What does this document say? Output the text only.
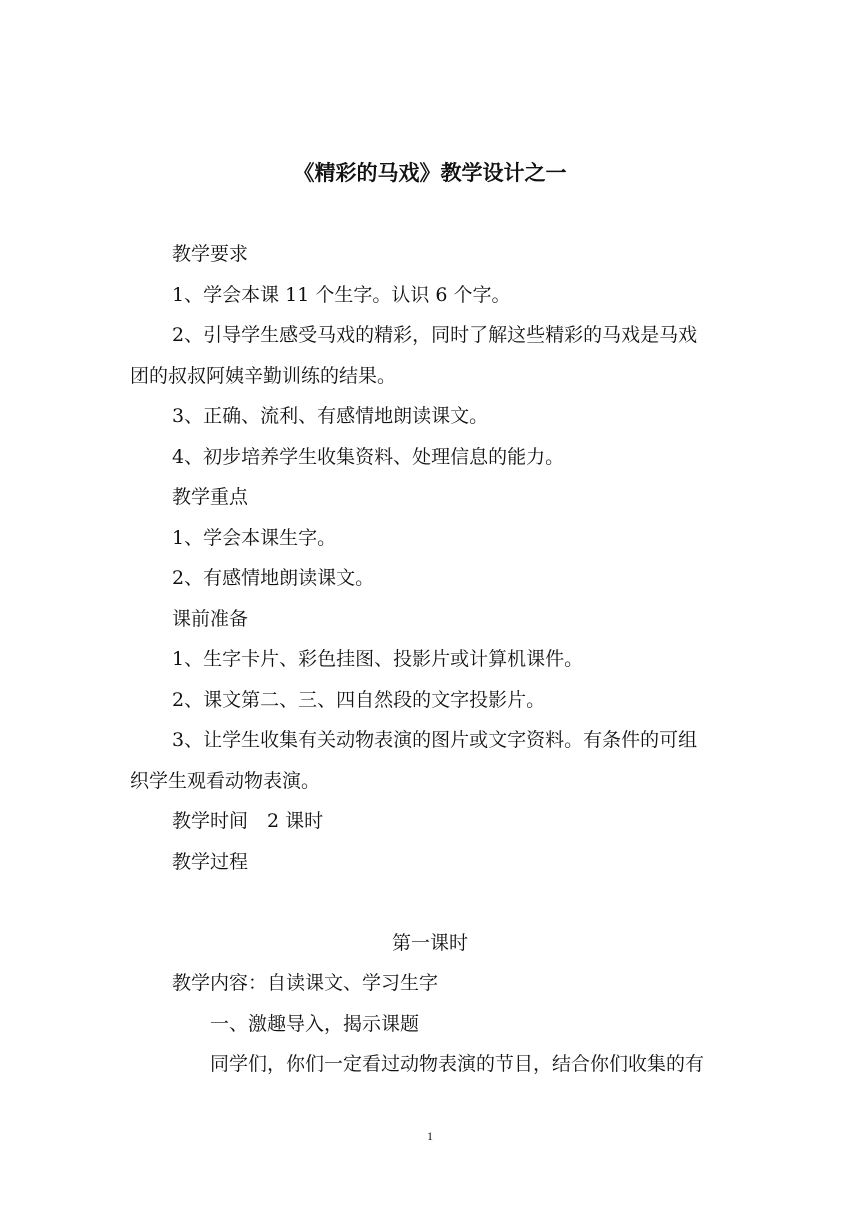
《精彩的马戏》教学设计之一
教学要求
1、学会本课 11 个生字。认识 6 个字。
2、引导学生感受马戏的精彩，同时了解这些精彩的马戏是马戏
团的叔叔阿姨辛勤训练的结果。
3、正确、流利、有感情地朗读课文。
4、初步培养学生收集资料、处理信息的能力。
教学重点
1、学会本课生字。
2、有感情地朗读课文。
课前准备
1、生字卡片、彩色挂图、投影片或计算机课件。
2、课文第二、三、四自然段的文字投影片。
3、让学生收集有关动物表演的图片或文字资料。有条件的可组
织学生观看动物表演。
教学时间　2 课时
教学过程
第一课时
教学内容：自读课文、学习生字
一、激趣导入，揭示课题
同学们，你们一定看过动物表演的节目，结合你们收集的有
1
